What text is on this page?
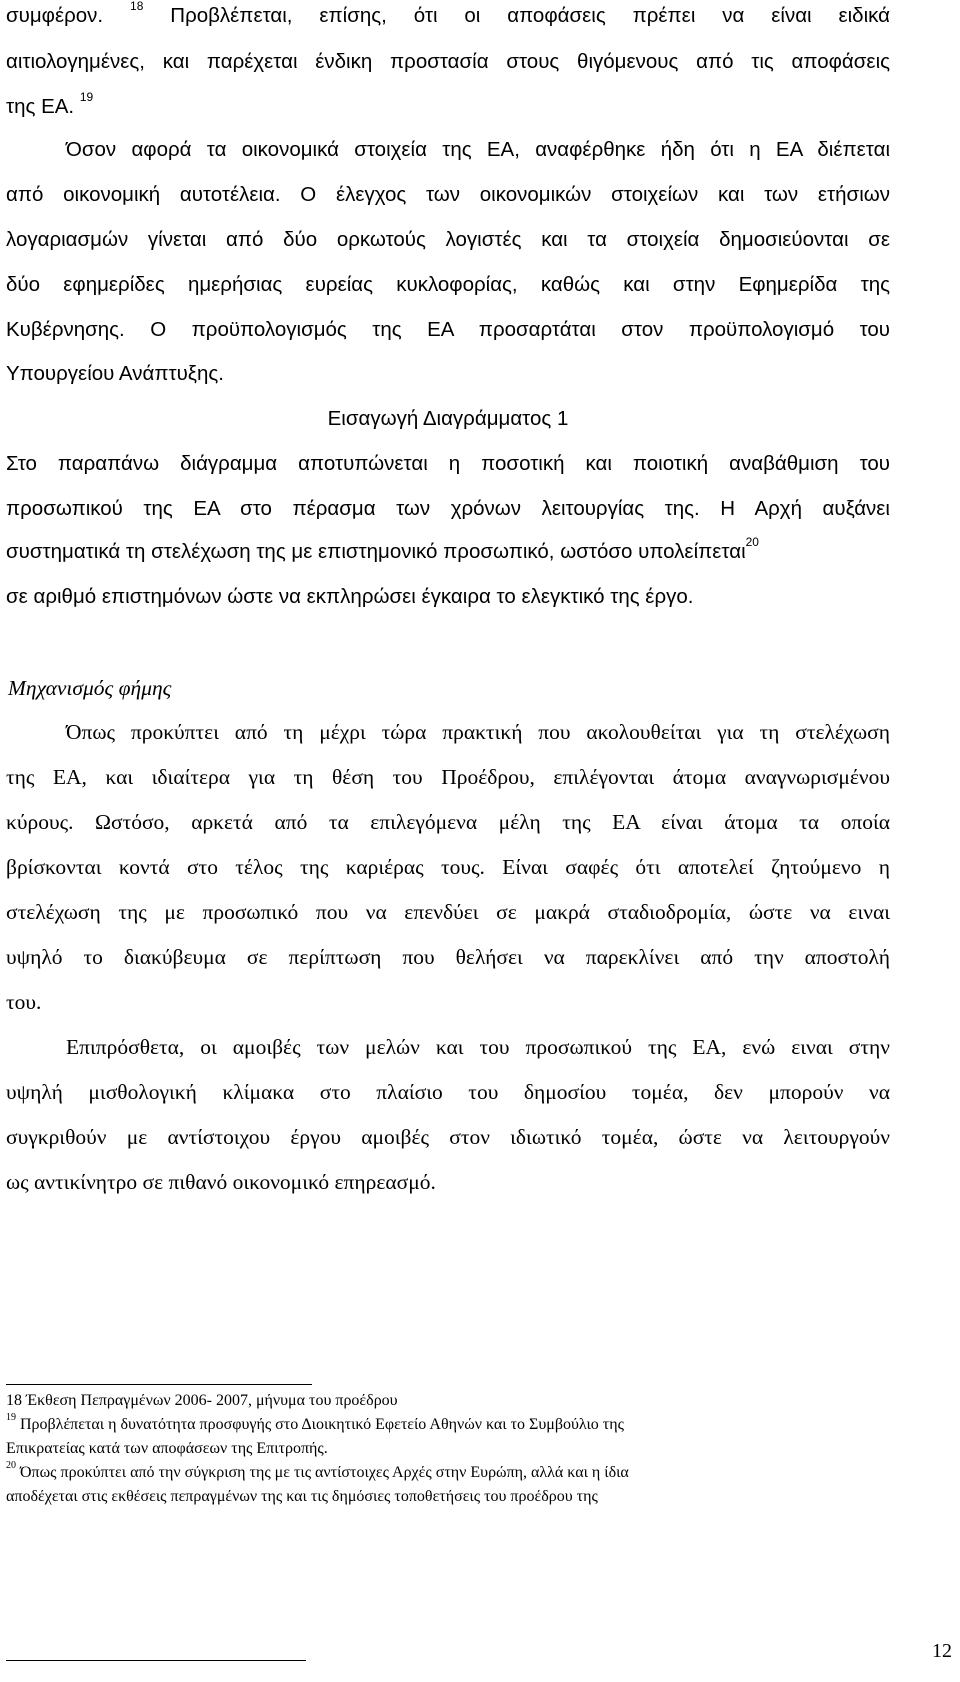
συμφέρον. $^{18}$ Προβλέπεται, επίσης, ότι οι αποφάσεις πρέπει να είναι ειδικά
αιτιολογημένες, και παρέχεται ένδικη προστασία στους θιγόμενους από τις αποφάσεις
της ΕΑ. $^{19}$
Όσον αφορά τα οικονομικά στοιχεία της ΕΑ, αναφέρθηκε ήδη ότι η ΕΑ διέπεται
από οικονομική αυτοτέλεια. Ο έλεγχος των οικονομικών στοιχείων και των ετήσιων
λογαριασμών γίνεται από δύο ορκωτούς λογιστές και τα στοιχεία δημοσιεύονται σε
δύο εφημερίδες ημερήσιας ευρείας κυκλοφορίας, καθώς και στην Εφημερίδα της
Κυβέρνησης. Ο προϋπολογισμός της ΕΑ προσαρτάται στον προϋπολογισμό του
Υπουργείου Ανάπτυξης.
Εισαγωγή Διαγράμματος 1
Στο παραπάνω διάγραμμα αποτυπώνεται η ποσοτική και ποιοτική αναβάθμιση του
προσωπικού της ΕΑ στο πέρασμα των χρόνων λειτουργίας της. Η Αρχή αυξάνει
συστηματικά τη στελέχωση της με επιστημονικό προσωπικό, ωστόσο υπολείπεται$^{20}$
σε αριθμό επιστημόνων ώστε να εκπληρώσει έγκαιρα το ελεγκτικό της έργο.
Μηχανισμός φήμης
Όπως προκύπτει από τη μέχρι τώρα πρακτική που ακολουθείται για τη στελέχωση
της ΕΑ, και ιδιαίτερα για τη θέση του Προέδρου, επιλέγονται άτομα αναγνωρισμένου
κύρους. Ωστόσο, αρκετά από τα επιλεγόμενα μέλη της ΕΑ είναι άτομα τα οποία
βρίσκονται κοντά στο τέλος της καριέρας τους. Είναι σαφές ότι αποτελεί ζητούμενο η
στελέχωση της με προσωπικό που να επενδύει σε μακρά σταδιοδρομία, ώστε να ειναι
υψηλό το διακύβευμα σε περίπτωση που θελήσει να παρεκλίνει από την αποστολή
του.
Επιπρόσθετα, οι αμοιβές των μελών και του προσωπικού της ΕΑ, ενώ ειναι στην
υψηλή μισθολογική κλίμακα στο πλαίσιο του δημοσίου τομέα, δεν μπορούν να
συγκριθούν με αντίστοιχου έργου αμοιβές στον ιδιωτικό τομέα, ώστε να λειτουργούν
ως αντικίνητρο σε πιθανό οικονομικό επηρεασμό.
18 Έκθεση Πεπραγμένων 2006- 2007, μήνυμα του προέδρου
$^{19}$ Προβλέπεται η δυνατότητα προσφυγής στο Διοικητικό Εφετείο Αθηνών και το Συμβούλιο της
Επικρατείας κατά των αποφάσεων της Επιτροπής.
$^{20}$ Όπως προκύπτει από την σύγκριση της με τις αντίστοιχες Αρχές στην Ευρώπη, αλλά και η ίδια
αποδέχεται στις εκθέσεις πεπραγμένων της και τις δημόσιες τοποθετήσεις του προέδρου της
12
